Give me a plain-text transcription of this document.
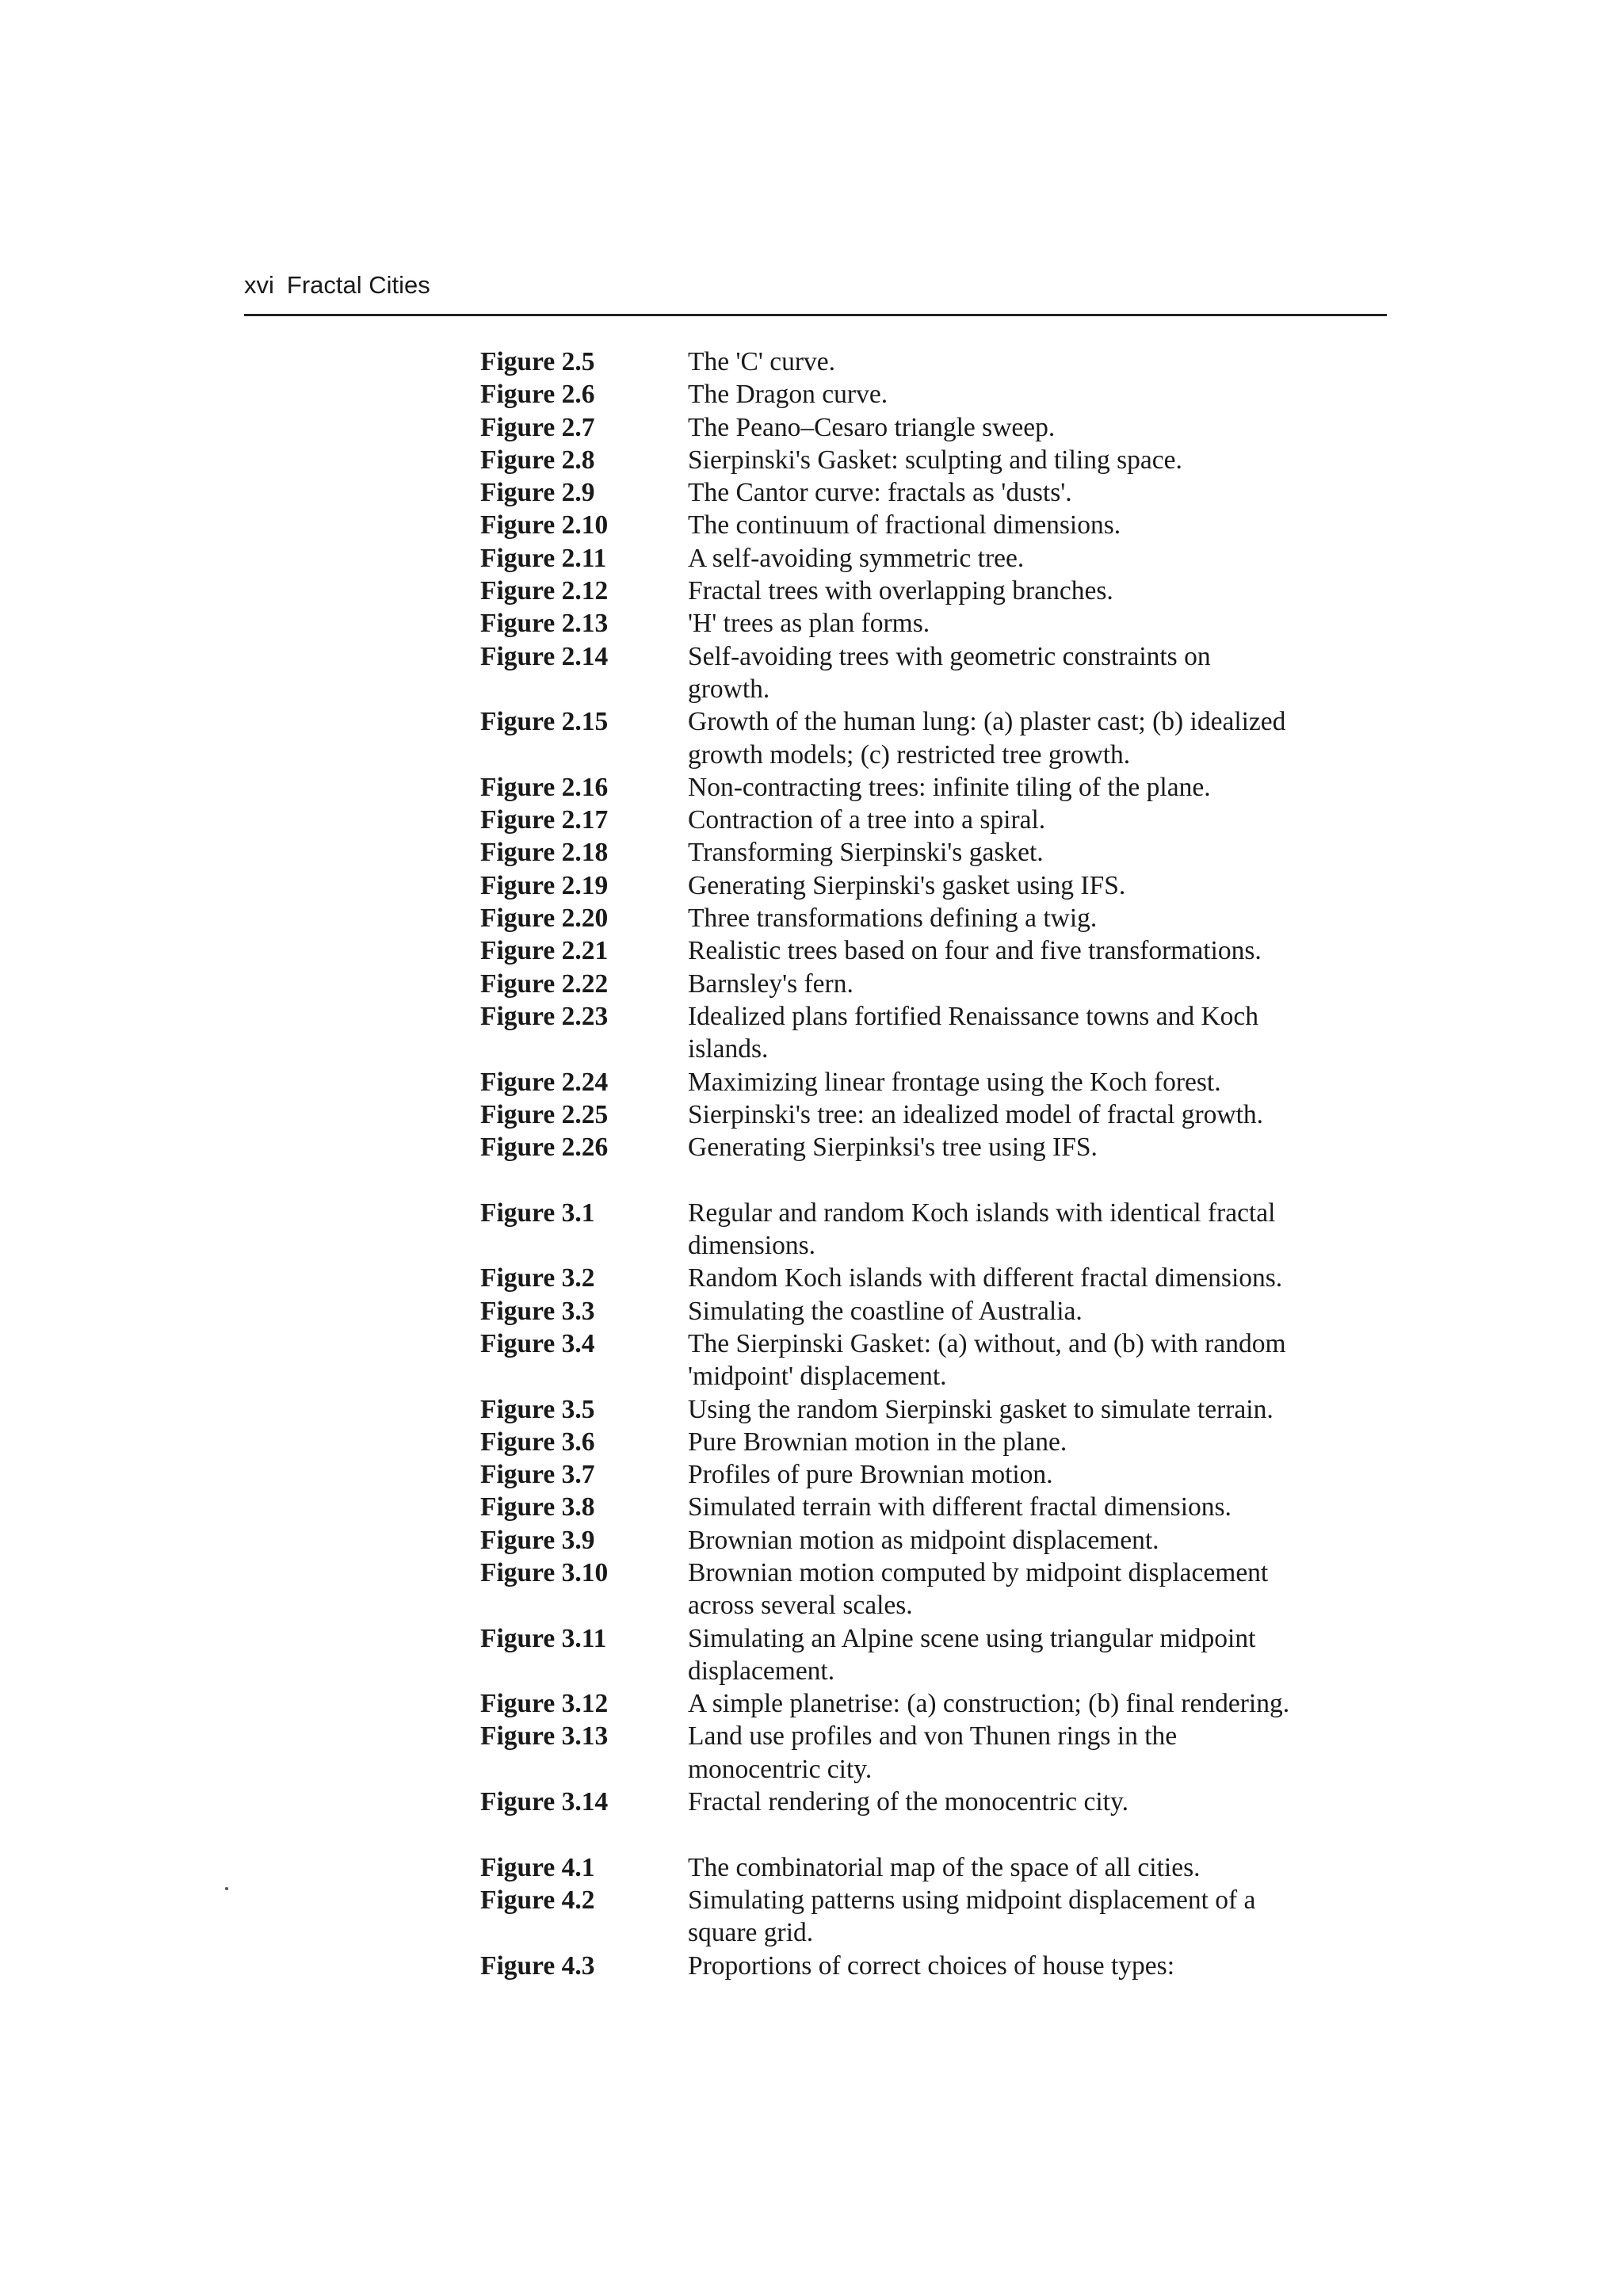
xvi Fractal Cities
Figure 2.5	The 'C' curve.
Figure 2.6	The Dragon curve.
Figure 2.7	The Peano–Cesaro triangle sweep.
Figure 2.8	Sierpinski's Gasket: sculpting and tiling space.
Figure 2.9	The Cantor curve: fractals as 'dusts'.
Figure 2.10	The continuum of fractional dimensions.
Figure 2.11	A self-avoiding symmetric tree.
Figure 2.12	Fractal trees with overlapping branches.
Figure 2.13	'H' trees as plan forms.
Figure 2.14	Self-avoiding trees with geometric constraints on
growth.
Figure 2.15	Growth of the human lung: (a) plaster cast; (b) idealized
growth models; (c) restricted tree growth.
Figure 2.16	Non-contracting trees: infinite tiling of the plane.
Figure 2.17	Contraction of a tree into a spiral.
Figure 2.18	Transforming Sierpinski's gasket.
Figure 2.19	Generating Sierpinski's gasket using IFS.
Figure 2.20	Three transformations defining a twig.
Figure 2.21	Realistic trees based on four and five transformations.
Figure 2.22	Barnsley's fern.
Figure 2.23	Idealized plans fortified Renaissance towns and Koch
islands.
Figure 2.24	Maximizing linear frontage using the Koch forest.
Figure 2.25	Sierpinski's tree: an idealized model of fractal growth.
Figure 2.26	Generating Sierpinksi's tree using IFS.
Figure 3.1	Regular and random Koch islands with identical fractal
dimensions.
Figure 3.2	Random Koch islands with different fractal dimensions.
Figure 3.3	Simulating the coastline of Australia.
Figure 3.4	The Sierpinski Gasket: (a) without, and (b) with random
'midpoint' displacement.
Figure 3.5	Using the random Sierpinski gasket to simulate terrain.
Figure 3.6	Pure Brownian motion in the plane.
Figure 3.7	Profiles of pure Brownian motion.
Figure 3.8	Simulated terrain with different fractal dimensions.
Figure 3.9	Brownian motion as midpoint displacement.
Figure 3.10	Brownian motion computed by midpoint displacement
across several scales.
Figure 3.11	Simulating an Alpine scene using triangular midpoint
displacement.
Figure 3.12	A simple planetrise: (a) construction; (b) final rendering.
Figure 3.13	Land use profiles and von Thunen rings in the
monocentric city.
Figure 3.14	Fractal rendering of the monocentric city.
Figure 4.1	The combinatorial map of the space of all cities.
Figure 4.2	Simulating patterns using midpoint displacement of a
square grid.
Figure 4.3	Proportions of correct choices of house types:
